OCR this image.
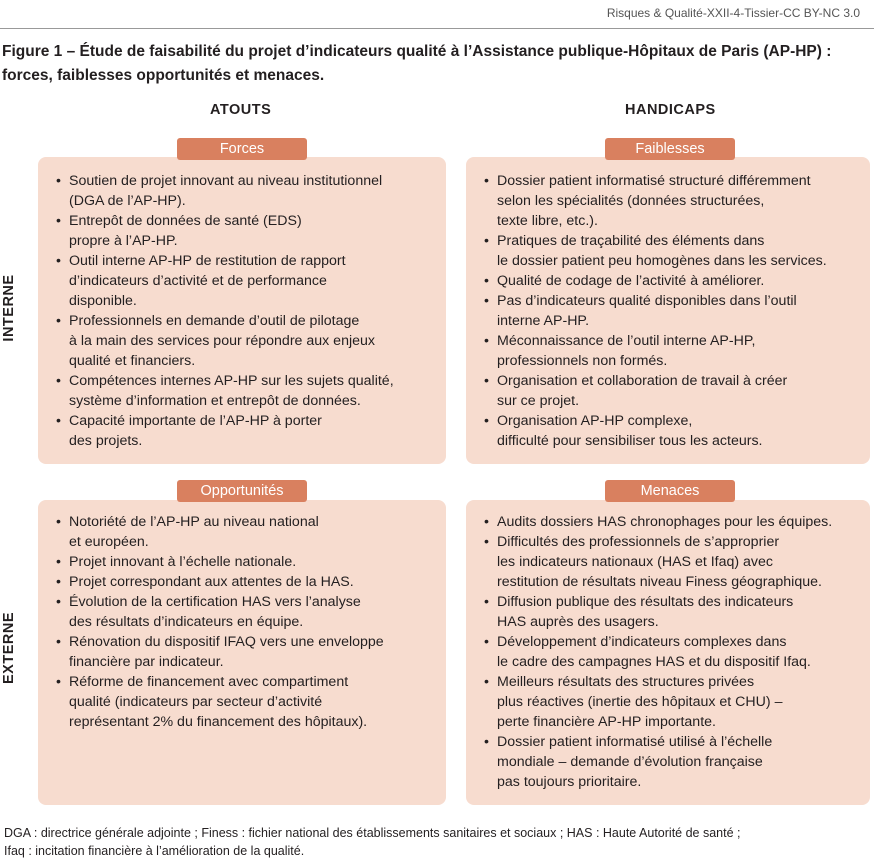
Risques & Qualité-XXII-4-Tissier-CC BY-NC 3.0
Figure 1 – Étude de faisabilité du projet d’indicateurs qualité à l’Assistance publique-Hôpitaux de Paris (AP-HP) : forces, faiblesses opportunités et menaces.
ATOUTS	HANDICAPS
INTERNE
EXTERNE
• Soutien de projet innovant au niveau institutionnel
(DGA de l’AP-HP).
• Entrepôt de données de santé (EDS)
propre à l’AP-HP.
• Outil interne AP-HP de restitution de rapport
d’indicateurs d’activité et de performance
disponible.
• Professionnels en demande d’outil de pilotage
à la main des services pour répondre aux enjeux
qualité et financiers.
• Compétences internes AP-HP sur les sujets qualité,
système d’information et entrepôt de données.
• Capacité importante de l’AP-HP à porter
des projets.
Forces
• Dossier patient informatisé structuré différemment
selon les spécialités (données structurées,
texte libre, etc.).
• Pratiques de traçabilité des éléments dans
le dossier patient peu homogènes dans les services.
• Qualité de codage de l’activité à améliorer.
• Pas d’indicateurs qualité disponibles dans l’outil
interne AP-HP.
• Méconnaissance de l’outil interne AP-HP,
professionnels non formés.
• Organisation et collaboration de travail à créer
sur ce projet.
• Organisation AP-HP complexe,
difficulté pour sensibiliser tous les acteurs.
Faiblesses
• Notoriété de l’AP-HP au niveau national
et européen.
• Projet innovant à l’échelle nationale.
• Projet correspondant aux attentes de la HAS.
• Évolution de la certification HAS vers l’analyse
des résultats d’indicateurs en équipe.
• Rénovation du dispositif IFAQ vers une enveloppe
financière par indicateur.
• Réforme de financement avec compartiment
qualité (indicateurs par secteur d’activité
représentant 2% du financement des hôpitaux).
Opportunités
• Audits dossiers HAS chronophages pour les équipes.
• Difficultés des professionnels de s’approprier
les indicateurs nationaux (HAS et Ifaq) avec
restitution de résultats niveau Finess géographique.
• Diffusion publique des résultats des indicateurs
HAS auprès des usagers.
• Développement d’indicateurs complexes dans
le cadre des campagnes HAS et du dispositif Ifaq.
• Meilleurs résultats des structures privées
plus réactives (inertie des hôpitaux et CHU) –
perte financière AP-HP importante.
• Dossier patient informatisé utilisé à l’échelle
mondiale – demande d’évolution française
pas toujours prioritaire.
Menaces
DGA : directrice générale adjointe ; Finess : fichier national des établissements sanitaires et sociaux ; HAS : Haute Autorité de santé ;
Ifaq : incitation financière à l’amélioration de la qualité.
